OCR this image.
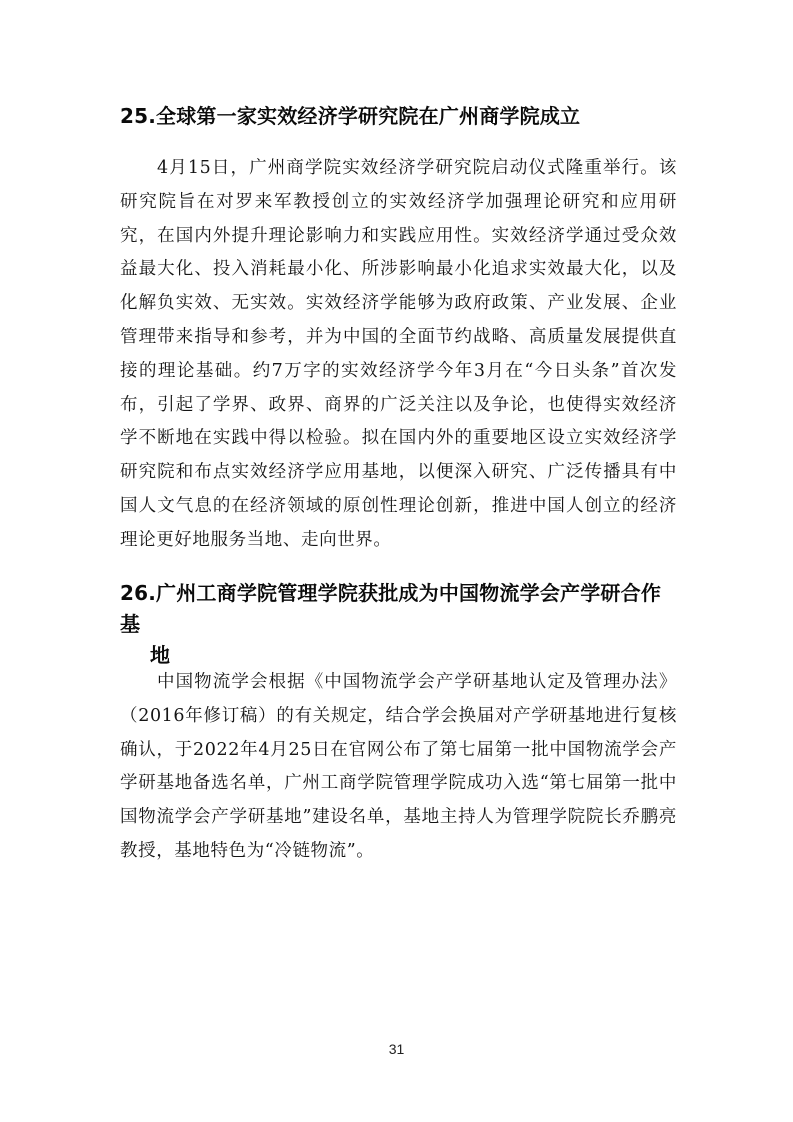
25.全球第一家实效经济学研究院在广州商学院成立

4月15日，广州商学院实效经济学研究院启动仪式隆重举行。该研究院旨在对罗来军教授创立的实效经济学加强理论研究和应用研究，在国内外提升理论影响力和实践应用性。实效经济学通过受众效益最大化、投入消耗最小化、所涉影响最小化追求实效最大化，以及化解负实效、无实效。实效经济学能够为政府政策、产业发展、企业管理带来指导和参考，并为中国的全面节约战略、高质量发展提供直接的理论基础。约7万字的实效经济学今年3月在“今日头条”首次发布，引起了学界、政界、商界的广泛关注以及争论，也使得实效经济学不断地在实践中得以检验。拟在国内外的重要地区设立实效经济学研究院和布点实效经济学应用基地，以便深入研究、广泛传播具有中国人文气息的在经济领域的原创性理论创新，推进中国人创立的经济理论更好地服务当地、走向世界。

26.广州工商学院管理学院获批成为中国物流学会产学研合作基
地

中国物流学会根据《中国物流学会产学研基地认定及管理办法》（2016年修订稿）的有关规定，结合学会换届对产学研基地进行复核确认，于2022年4月25日在官网公布了第七届第一批中国物流学会产学研基地备选名单，广州工商学院管理学院成功入选“第七届第一批中国物流学会产学研基地”建设名单，基地主持人为管理学院院长乔鹏亮教授，基地特色为“冷链物流”。

31
